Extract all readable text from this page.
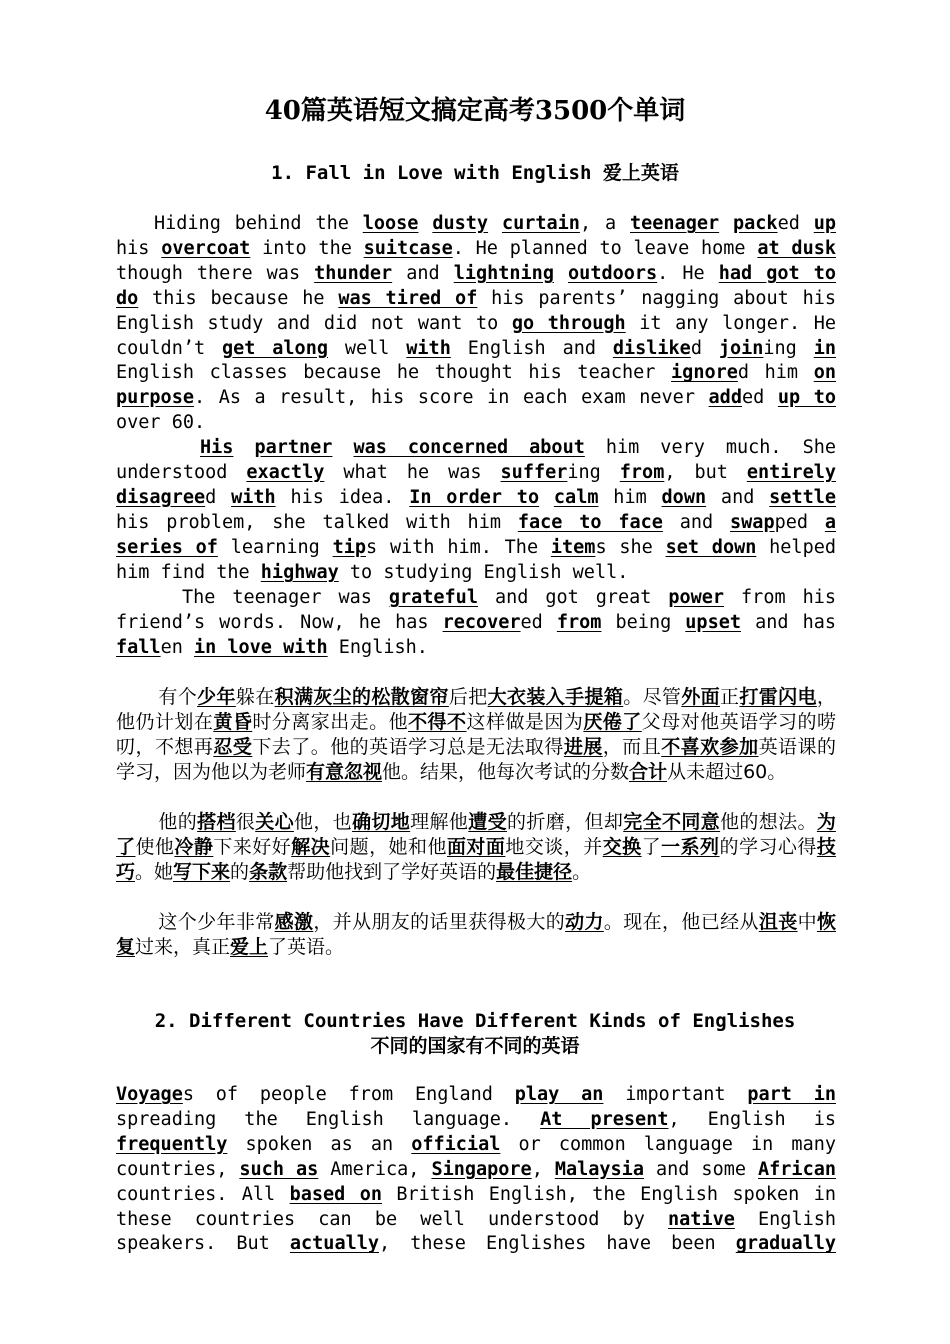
40篇英语短文搞定高考3500个单词
1. Fall in Love with English 爱上英语
Hiding behind the loose dusty curtain, a teenager packed up
his overcoat into the suitcase. He planned to leave home at dusk
though there was thunder and lightning outdoors. He had got to
do this because he was tired of his parents’ nagging about his
English study and did not want to go through it any longer. He
couldn’t get along well with English and disliked joining in
English classes because he thought his teacher ignored him on
purpose. As a result, his score in each exam never added up to
over 60.
His partner was concerned about him very much. She
understood exactly what he was suffering from, but entirely
disagreed with his idea. In order to calm him down and settle
his problem, she talked with him face to face and swapped a
series of learning tips with him. The items she set down helped
him find the highway to studying English well.
The teenager was grateful and got great power from his
friend’s words. Now, he has recovered from being upset and has
fallen in love with English.
有个少年躲在积满灰尘的松散窗帘后把大衣装入手提箱。尽管外面正打雷闪电， 他仍计划在黄昏时分离家出走。他不得不这样做是因为厌倦了父母对他英语学习的唠叨，不想再忍受下去了。他的英语学习总是无法取得进展，而且不喜欢参加英语课的学习，因为他以为老师有意忽视他。结果，他每次考试的分数合计从未超过60。
他的搭档很关心他，也确切地理解他遭受的折磨，但却完全不同意他的想法。为了使他冷静下来好好解决问题，她和他面对面地交谈，并交换了一系列的学习心得技巧。她写下来的条款帮助他找到了学好英语的最佳捷径。
这个少年非常感激，并从朋友的话里获得极大的动力。现在，他已经从沮丧中恢复过来，真正爱上了英语。
2. Different Countries Have Different Kinds of Englishes
不同的国家有不同的英语
Voyages of people from England play an important part in
spreading the English language. At present, English is
frequently spoken as an official or common language in many
countries, such as America, Singapore, Malaysia and some African
countries. All based on British English, the English spoken in
these countries can be well understood by native English
speakers. But actually, these Englishes have been gradually
